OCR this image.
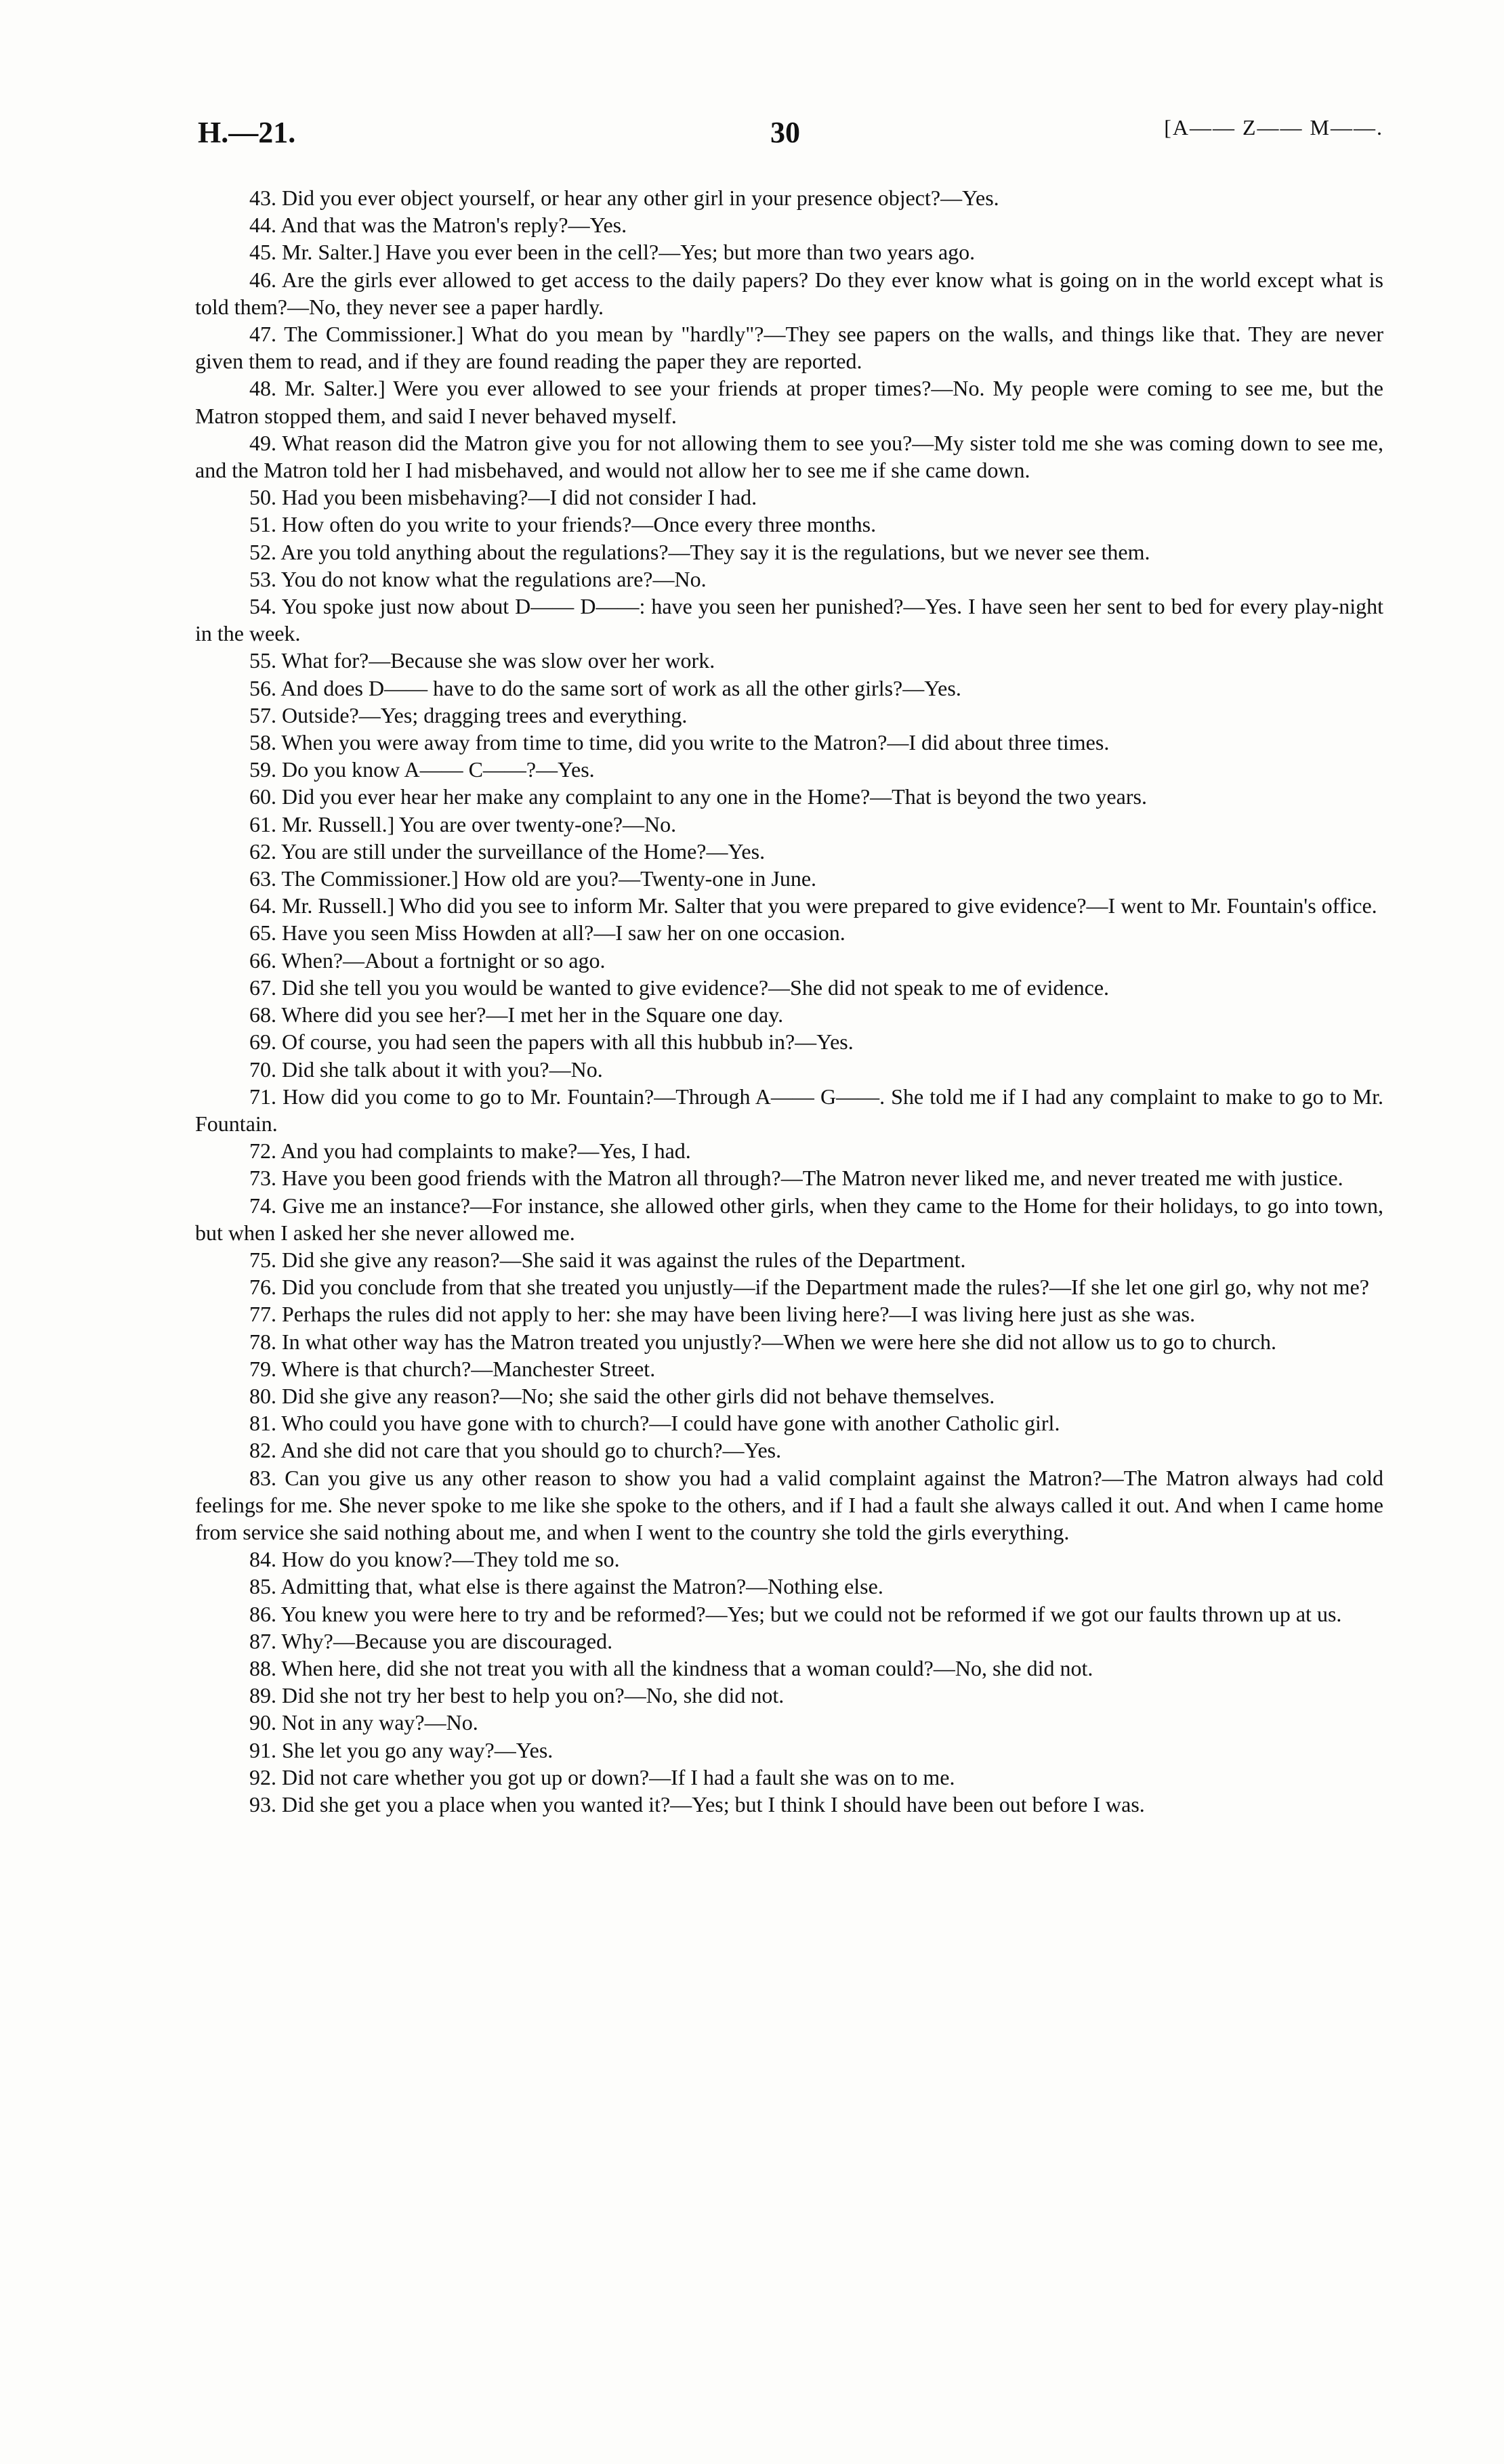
H.—21.	30	[A—— Z—— M——.

43. Did you ever object yourself, or hear any other girl in your presence object?—Yes.

44. And that was the Matron's reply?—Yes.

45. Mr. Salter.] Have you ever been in the cell?—Yes; but more than two years ago.

46. Are the girls ever allowed to get access to the daily papers? Do they ever know what is going on in the world except what is told them?—No, they never see a paper hardly.

47. The Commissioner.] What do you mean by "hardly"?—They see papers on the walls, and things like that. They are never given them to read, and if they are found reading the paper they are reported.

48. Mr. Salter.] Were you ever allowed to see your friends at proper times?—No. My people were coming to see me, but the Matron stopped them, and said I never behaved myself.

49. What reason did the Matron give you for not allowing them to see you?—My sister told me she was coming down to see me, and the Matron told her I had misbehaved, and would not allow her to see me if she came down.

50. Had you been misbehaving?—I did not consider I had.

51. How often do you write to your friends?—Once every three months.

52. Are you told anything about the regulations?—They say it is the regulations, but we never see them.

53. You do not know what the regulations are?—No.

54. You spoke just now about D—— D——: have you seen her punished?—Yes. I have seen her sent to bed for every play-night in the week.

55. What for?—Because she was slow over her work.

56. And does D—— have to do the same sort of work as all the other girls?—Yes.

57. Outside?—Yes; dragging trees and everything.

58. When you were away from time to time, did you write to the Matron?—I did about three times.

59. Do you know A—— C——?—Yes.

60. Did you ever hear her make any complaint to any one in the Home?—That is beyond the two years.

61. Mr. Russell.] You are over twenty-one?—No.

62. You are still under the surveillance of the Home?—Yes.

63. The Commissioner.] How old are you?—Twenty-one in June.

64. Mr. Russell.] Who did you see to inform Mr. Salter that you were prepared to give evidence?—I went to Mr. Fountain's office.

65. Have you seen Miss Howden at all?—I saw her on one occasion.

66. When?—About a fortnight or so ago.

67. Did she tell you you would be wanted to give evidence?—She did not speak to me of evidence.

68. Where did you see her?—I met her in the Square one day.

69. Of course, you had seen the papers with all this hubbub in?—Yes.

70. Did she talk about it with you?—No.

71. How did you come to go to Mr. Fountain?—Through A—— G——. She told me if I had any complaint to make to go to Mr. Fountain.

72. And you had complaints to make?—Yes, I had.

73. Have you been good friends with the Matron all through?—The Matron never liked me, and never treated me with justice.

74. Give me an instance?—For instance, she allowed other girls, when they came to the Home for their holidays, to go into town, but when I asked her she never allowed me.

75. Did she give any reason?—She said it was against the rules of the Department.

76. Did you conclude from that she treated you unjustly—if the Department made the rules?—If she let one girl go, why not me?

77. Perhaps the rules did not apply to her: she may have been living here?—I was living here just as she was.

78. In what other way has the Matron treated you unjustly?—When we were here she did not allow us to go to church.

79. Where is that church?—Manchester Street.

80. Did she give any reason?—No; she said the other girls did not behave themselves.

81. Who could you have gone with to church?—I could have gone with another Catholic girl.

82. And she did not care that you should go to church?—Yes.

83. Can you give us any other reason to show you had a valid complaint against the Matron?—The Matron always had cold feelings for me. She never spoke to me like she spoke to the others, and if I had a fault she always called it out. And when I came home from service she said nothing about me, and when I went to the country she told the girls everything.

84. How do you know?—They told me so.

85. Admitting that, what else is there against the Matron?—Nothing else.

86. You knew you were here to try and be reformed?—Yes; but we could not be reformed if we got our faults thrown up at us.

87. Why?—Because you are discouraged.

88. When here, did she not treat you with all the kindness that a woman could?—No, she did not.

89. Did she not try her best to help you on?—No, she did not.

90. Not in any way?—No.

91. She let you go any way?—Yes.

92. Did not care whether you got up or down?—If I had a fault she was on to me.

93. Did she get you a place when you wanted it?—Yes; but I think I should have been out before I was.
